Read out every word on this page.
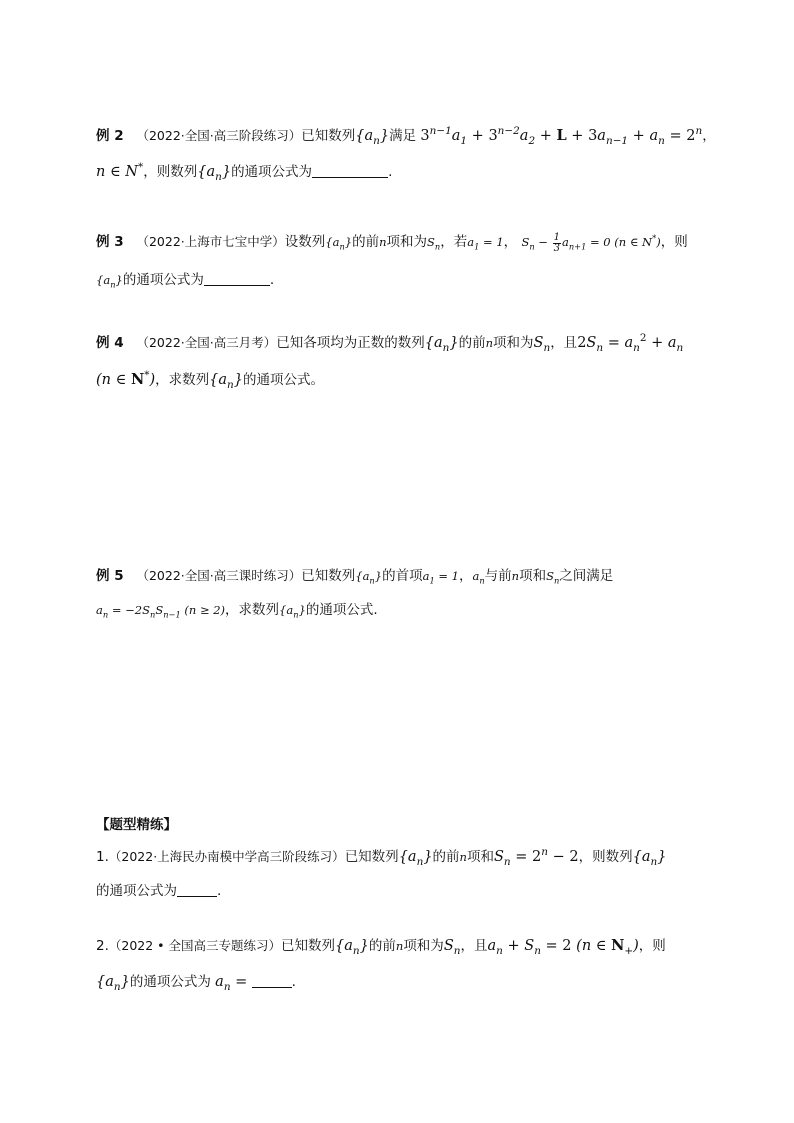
例 2 （2022·全国·高三阶段练习）已知数列$\{a_n\}$满足 $3^{n-1}a_1 + 3^{n-2}a_2 + L + 3a_{n-1} + a_n = 2^n$，
n ∈ N*，则数列$\{a_n\}$的通项公式为	.
例 3 （2022·上海市七宝中学）设数列$\{a_n\}$的前n项和为$S_n$，若$a_1 = 1$， $S_n - \frac{1}{3} a_{n+1} = 0$ (n ∈ N*)，则
$\{a_n\}$的通项公式为	.
例 4 （2022·全国·高三月考）已知各项均为正数的数列$\{a_n\}$的前n项和为$S_n$，且$2S_n = a_n^2 + a_n$
(n ∈ N*)，求数列$\{a_n\}$的通项公式。
例 5 （2022·全国·高三课时练习）已知数列$\{a_n\}$的首项$a_1 = 1$，$a_n$与前n项和$S_n$之间满足
$a_n = -2S_nS_{n-1}$ (n ≥ 2)，求数列$\{a_n\}$的通项公式.
【题型精练】
1.（2022·上海民办南模中学高三阶段练习）已知数列$\{a_n\}$的前n项和$S_n = 2^n - 2$，则数列$\{a_n\}$
的通项公式为	.
2.（2022 • 全国高三专题练习）已知数列$\{a_n\}$的前n项和为$S_n$，且$a_n + S_n = 2$ (n ∈ $N_+$)，则
$\{a_n\}$的通项公式为 $a_n$ =	.
